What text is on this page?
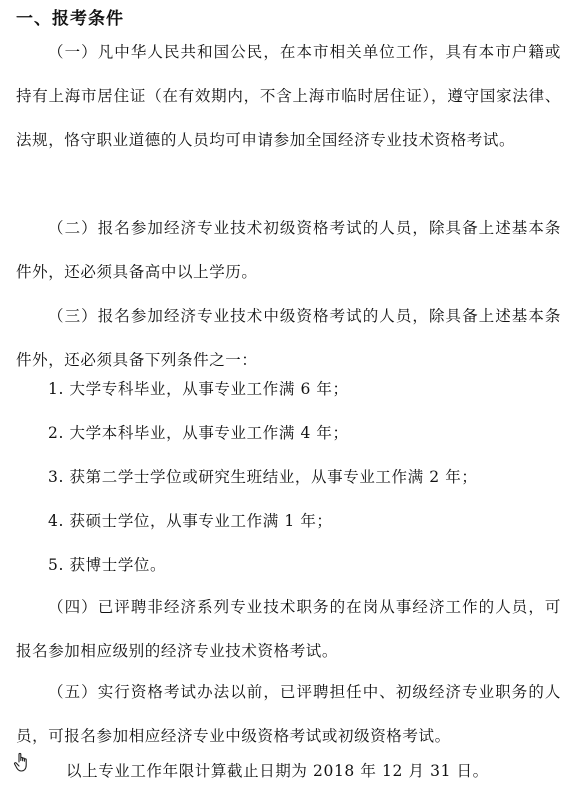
一、报考条件
（一）凡中华人民共和国公民，在本市相关单位工作，具有本市户籍或持有上海市居住证（在有效期内，不含上海市临时居住证），遵守国家法律、法规，恪守职业道德的人员均可申请参加全国经济专业技术资格考试。
（二）报名参加经济专业技术初级资格考试的人员，除具备上述基本条件外，还必须具备高中以上学历。
（三）报名参加经济专业技术中级资格考试的人员，除具备上述基本条件外，还必须具备下列条件之一：
1. 大学专科毕业，从事专业工作满 6 年；
2. 大学本科毕业，从事专业工作满 4 年；
3. 获第二学士学位或研究生班结业，从事专业工作满 2 年；
4. 获硕士学位，从事专业工作满 1 年；
5. 获博士学位。
（四）已评聘非经济系列专业技术职务的在岗从事经济工作的人员，可报名参加相应级别的经济专业技术资格考试。
（五）实行资格考试办法以前，已评聘担任中、初级经济专业职务的人员，可报名参加相应经济专业中级资格考试或初级资格考试。
以上专业工作年限计算截止日期为 2018 年 12 月 31 日。
